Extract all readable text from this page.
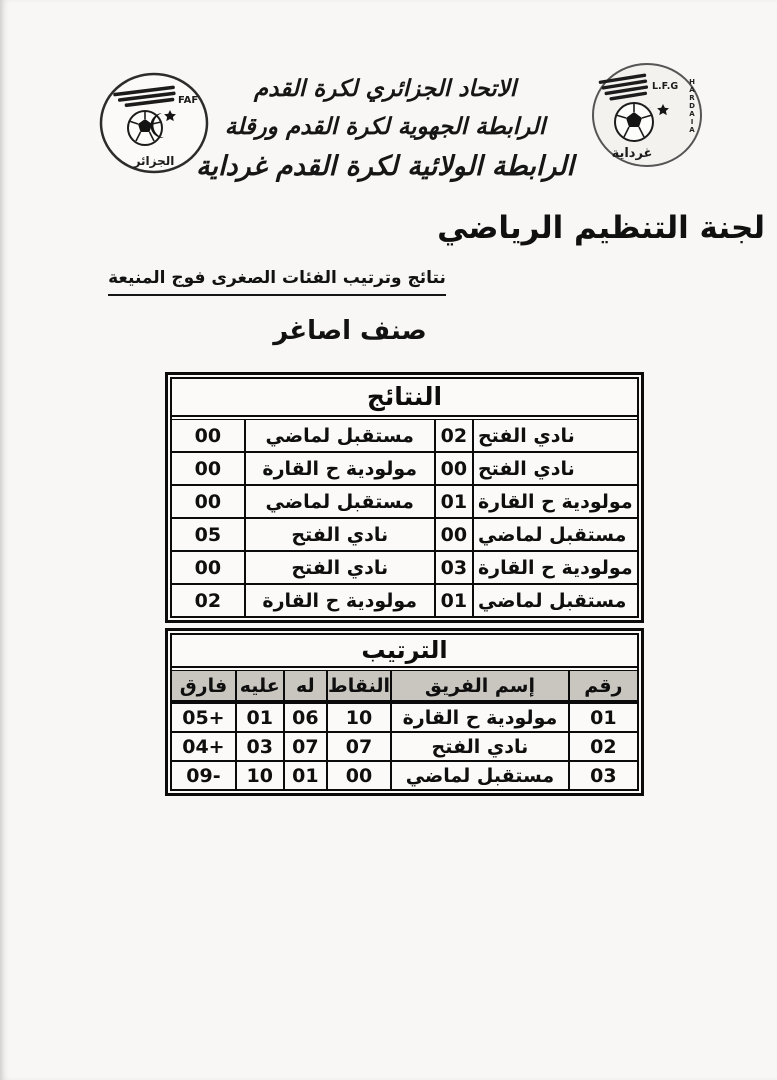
FAF
الجزائر
L.F.G
غرداية
HARDAIA
الاتحاد الجزائري لكرة القدم
الرابطة الجهوية لكرة القدم ورقلة
الرابطة الولائية لكرة القدم غرداية
لجنة التنظيم الرياضي
نتائج وترتيب الفئات الصغرى فوج المنيعة
صنف اصاغر
النتائج
نادي الفتح
02
مستقبل لماضي
00
نادي الفتح
00
مولودية ح القارة
00
مولودية ح القارة
01
مستقبل لماضي
00
مستقبل لماضي
00
نادي الفتح
05
مولودية ح القارة
03
نادي الفتح
00
مستقبل لماضي
01
مولودية ح القارة
02
الترتيب
رقم
إسم الفريق
النقاط
له
عليه
فارق
01
مولودية ح القارة
10
06
01
05+
02
نادي الفتح
07
07
03
04+
03
مستقبل لماضي
00
01
10
09-
